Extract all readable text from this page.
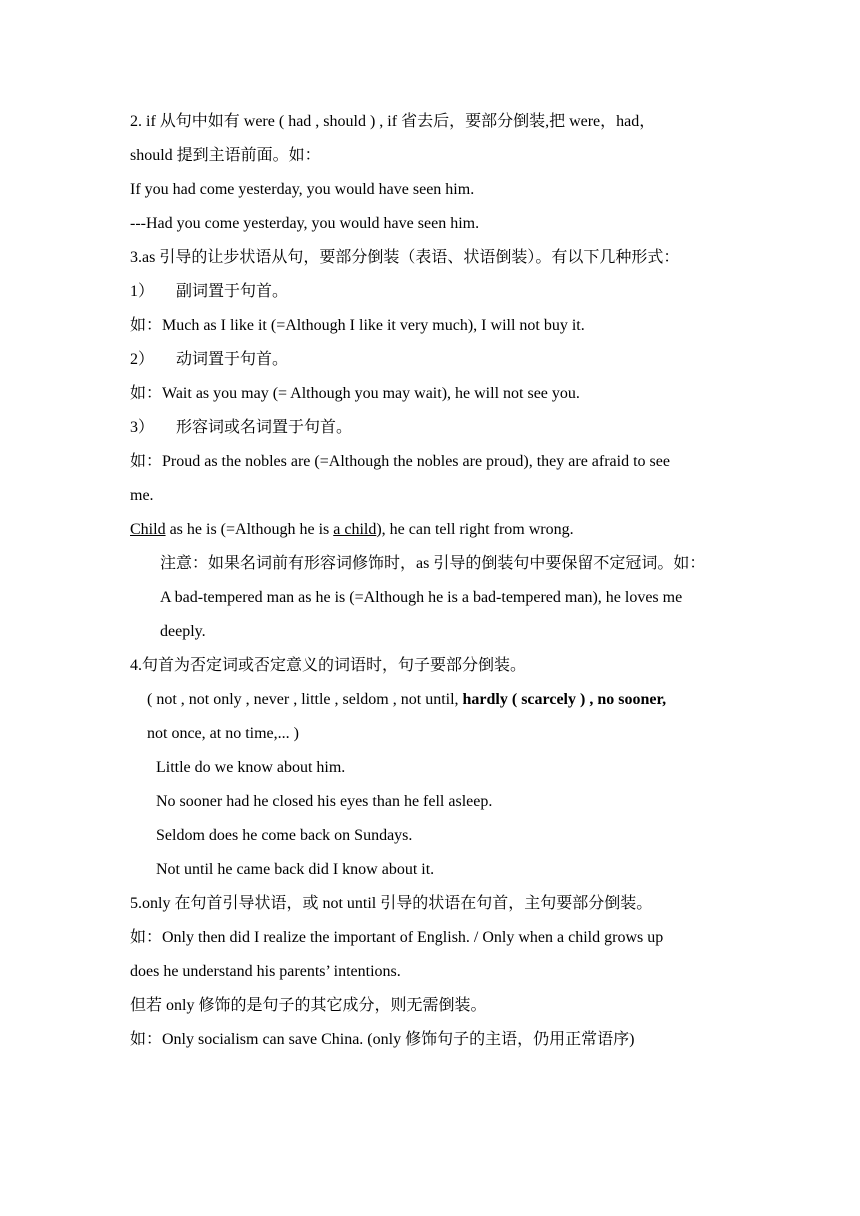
2. if 从句中如有 were ( had , should ) , if 省去后，要部分倒装,把 were，had，
should 提到主语前面。如：
If you had come yesterday, you would have seen him.
---Had you come yesterday, you would have seen him.
3.as 引导的让步状语从句，要部分倒装（表语、状语倒装）。有以下几种形式：
1） 副词置于句首。
如：Much as I like it (=Although I like it very much), I will not buy it.
2） 动词置于句首。
如：Wait as you may (= Although you may wait), he will not see you.
3） 形容词或名词置于句首。
如：Proud as the nobles are (=Although the nobles are proud), they are afraid to see
me.
Child as he is (=Although he is a child), he can tell right from wrong.
注意：如果名词前有形容词修饰时，as 引导的倒装句中要保留不定冠词。如：
A bad-tempered man as he is (=Although he is a bad-tempered man), he loves me
deeply.
4.句首为否定词或否定意义的词语时，句子要部分倒装。
( not , not only , never , little , seldom , not until, hardly ( scarcely ) , no sooner,
not once, at no time,... )
Little do we know about him.
No sooner had he closed his eyes than he fell asleep.
Seldom does he come back on Sundays.
Not until he came back did I know about it.
5.only 在句首引导状语，或 not until 引导的状语在句首，主句要部分倒装。
如：Only then did I realize the important of English. / Only when a child grows up
does he understand his parents’ intentions.
但若 only 修饰的是句子的其它成分，则无需倒装。
如：Only socialism can save China. (only 修饰句子的主语，仍用正常语序)
